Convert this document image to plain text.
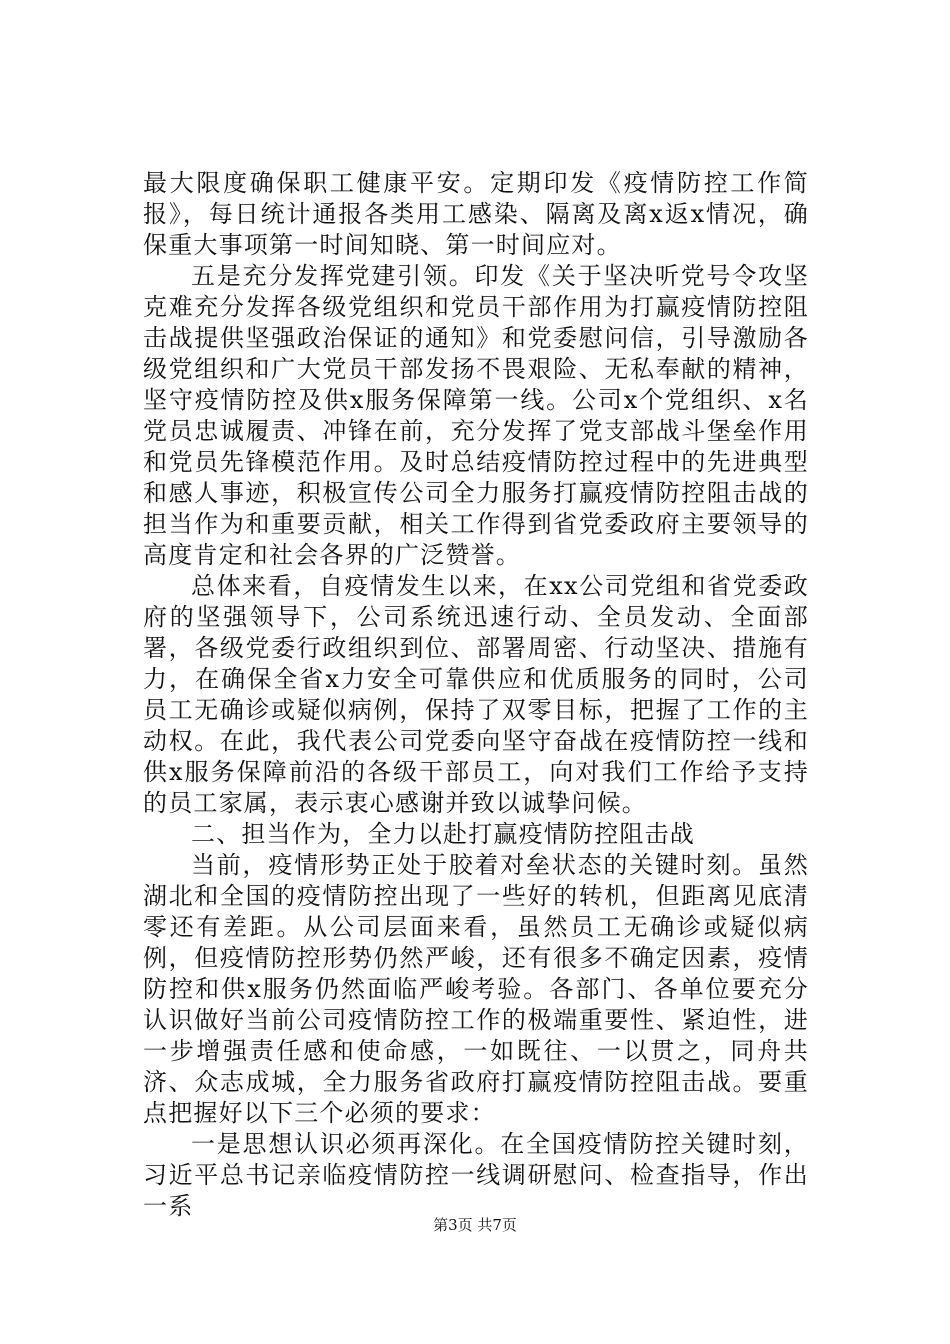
最大限度确保职工健康平安。定期印发《疫情防控工作简报》，每日统计通报各类用工感染、隔离及离x返x情况，确保重大事项第一时间知晓、第一时间应对。

五是充分发挥党建引领。印发《关于坚决听党号令攻坚克难充分发挥各级党组织和党员干部作用为打赢疫情防控阻击战提供坚强政治保证的通知》和党委慰问信，引导激励各级党组织和广大党员干部发扬不畏艰险、无私奉献的精神，坚守疫情防控及供x服务保障第一线。公司x个党组织、x名党员忠诚履责、冲锋在前，充分发挥了党支部战斗堡垒作用和党员先锋模范作用。及时总结疫情防控过程中的先进典型和感人事迹，积极宣传公司全力服务打赢疫情防控阻击战的担当作为和重要贡献，相关工作得到省党委政府主要领导的高度肯定和社会各界的广泛赞誉。

总体来看，自疫情发生以来，在xx公司党组和省党委政府的坚强领导下，公司系统迅速行动、全员发动、全面部署，各级党委行政组织到位、部署周密、行动坚决、措施有力，在确保全省x力安全可靠供应和优质服务的同时，公司员工无确诊或疑似病例，保持了双零目标，把握了工作的主动权。在此，我代表公司党委向坚守奋战在疫情防控一线和供x服务保障前沿的各级干部员工，向对我们工作给予支持的员工家属，表示衷心感谢并致以诚挚问候。

二、担当作为，全力以赴打赢疫情防控阻击战

当前，疫情形势正处于胶着对垒状态的关键时刻。虽然湖北和全国的疫情防控出现了一些好的转机，但距离见底清零还有差距。从公司层面来看，虽然员工无确诊或疑似病例，但疫情防控形势仍然严峻，还有很多不确定因素，疫情防控和供x服务仍然面临严峻考验。各部门、各单位要充分认识做好当前公司疫情防控工作的极端重要性、紧迫性，进一步增强责任感和使命感，一如既往、一以贯之，同舟共济、众志成城，全力服务省政府打赢疫情防控阻击战。要重点把握好以下三个必须的要求：

一是思想认识必须再深化。在全国疫情防控关键时刻，习近平总书记亲临疫情防控一线调研慰问、检查指导，作出一系

第3页 共7页
